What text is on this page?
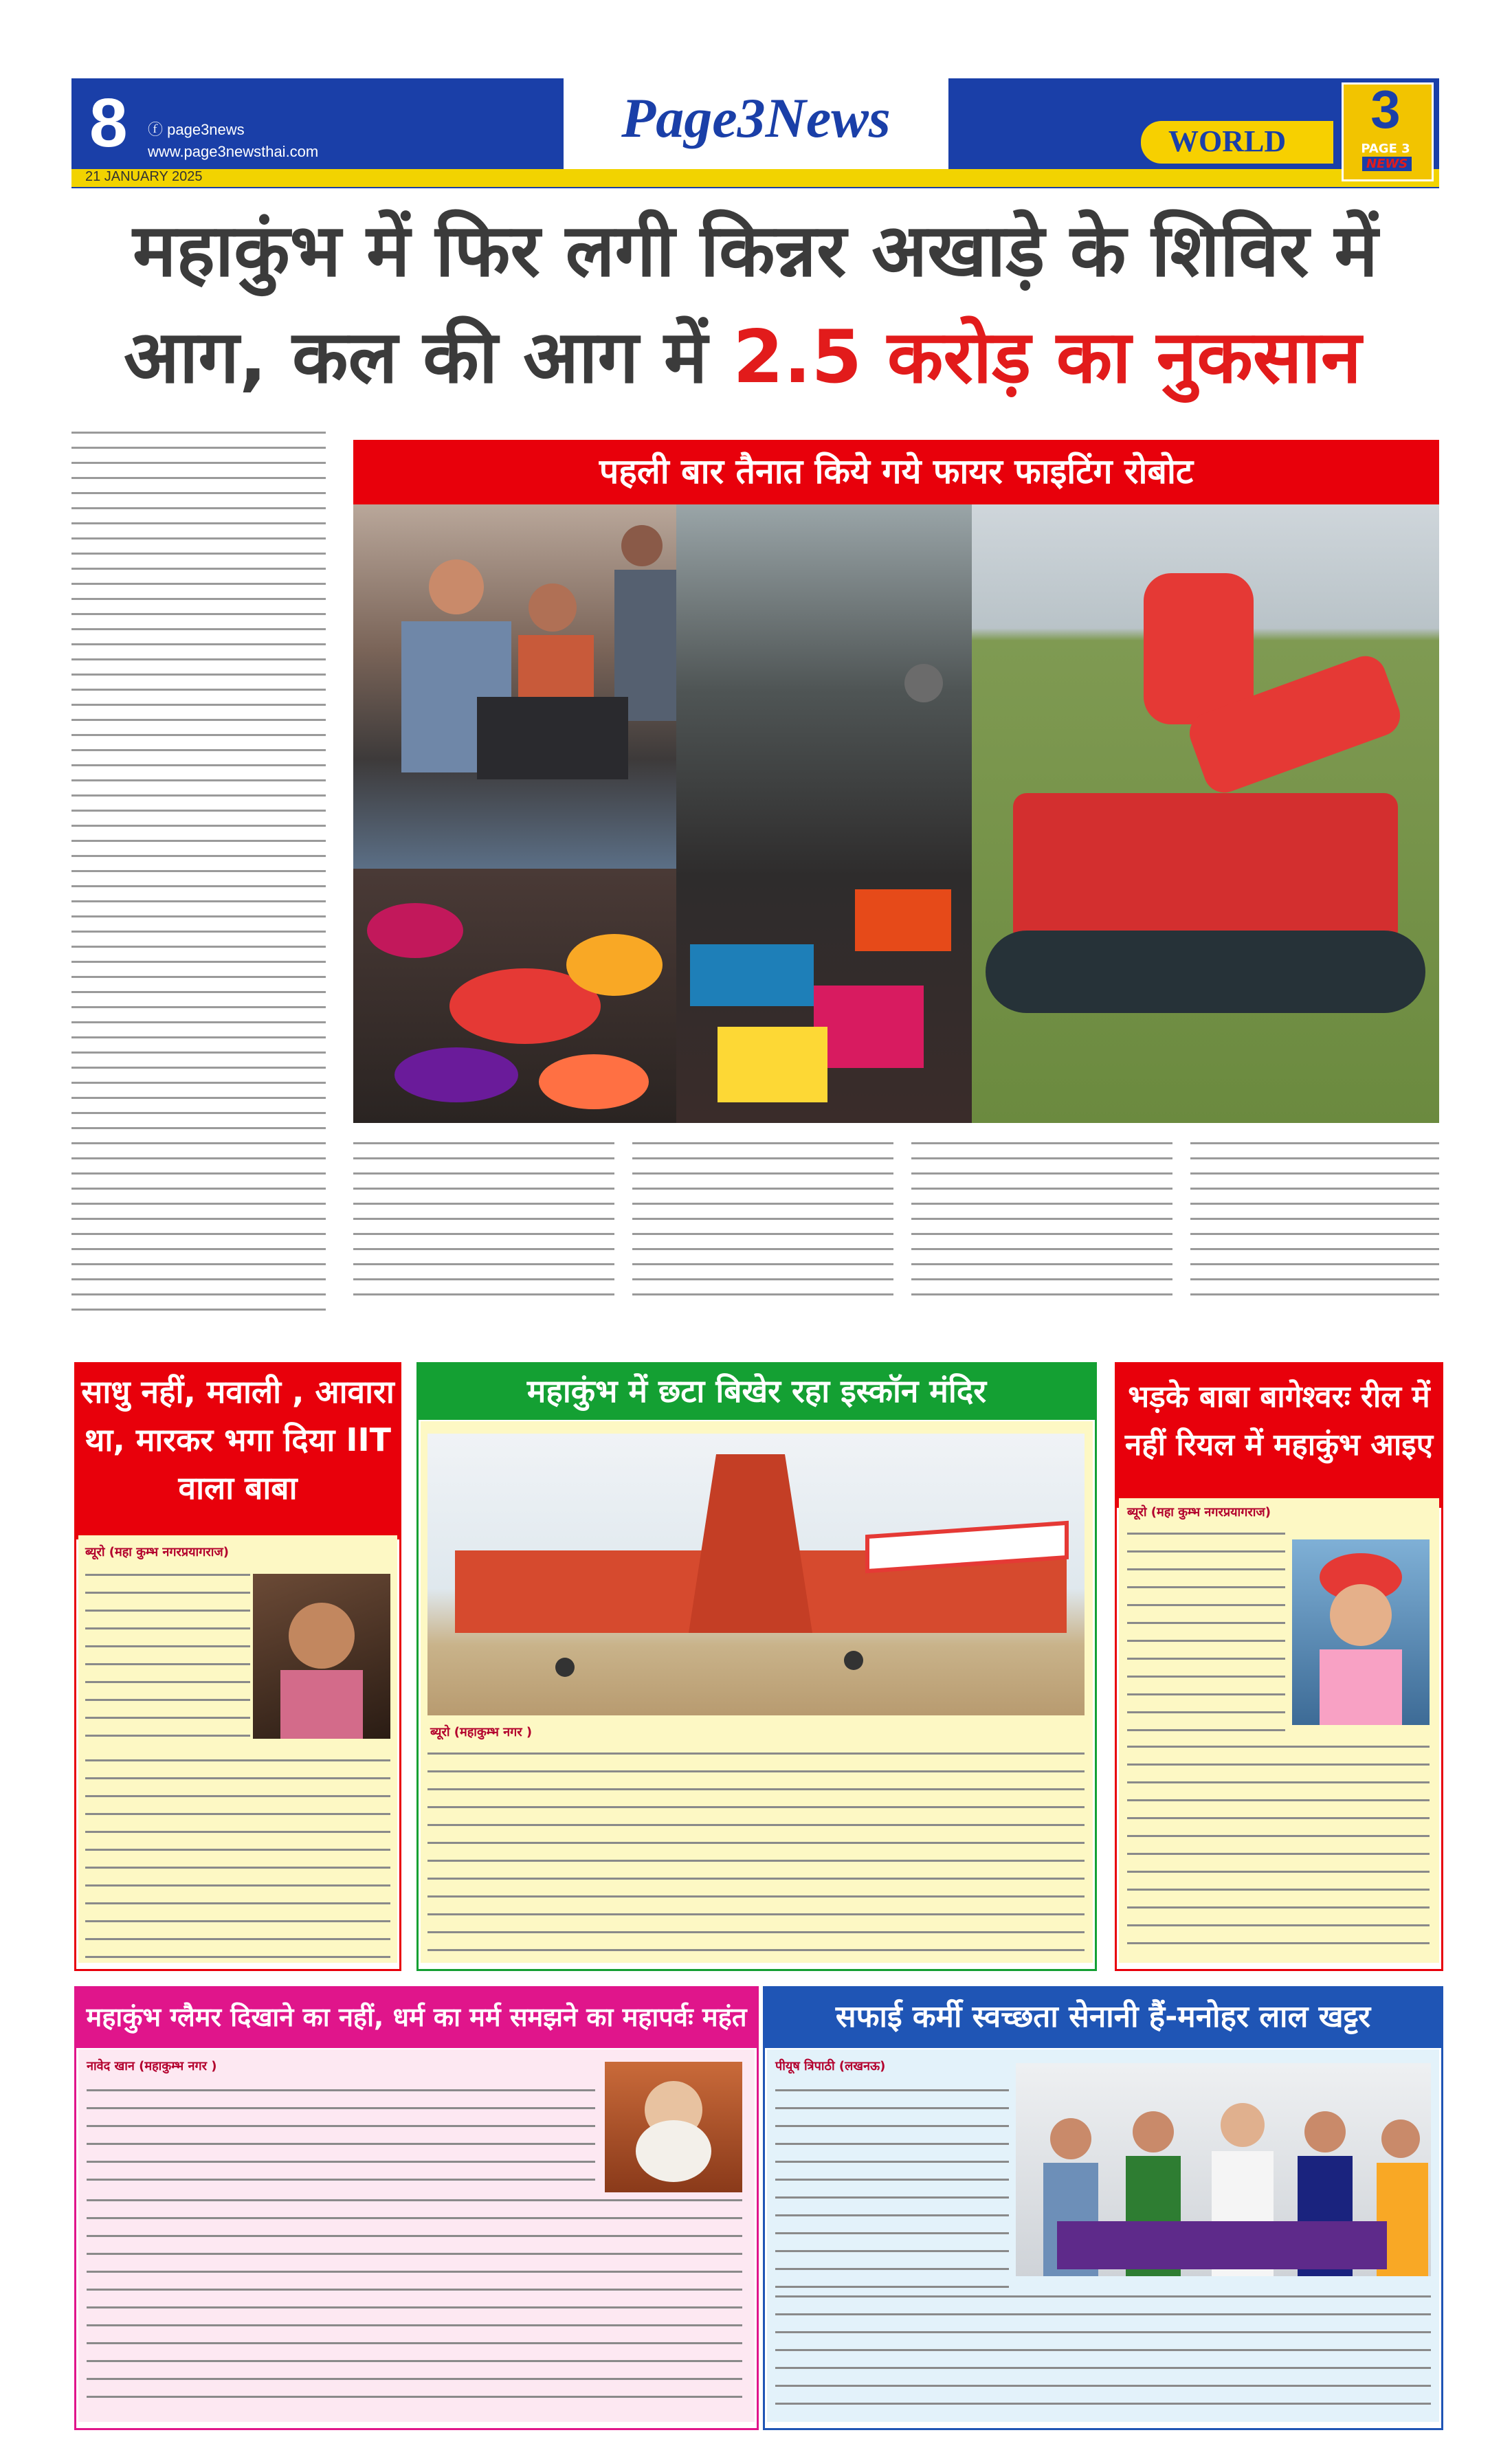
8 ⓕ page3news
www.page3newsthai.com
21 JANUARY 2025
Page3News	WORLD
3
PAGE 3
NEWS
महाकुंभ में फिर लगी किन्नर अखाड़े के शिविर में
आग, कल की आग में 2.5 करोड़ का नुकसान
पहली बार तैनात किये गये फायर फाइटिंग रोबोट
साधु नहीं, मवाली , आवारा था, मारकर भगा दिया IIT वाला बाबा
ब्यूरो (महा कुम्भ नगरप्रयागराज)
महाकुंभ में छटा बिखेर रहा इस्कॉन मंदिर
ब्यूरो (महाकुम्भ नगर )
भड़के बाबा बागेश्वरः रील में नहीं रियल में महाकुंभ आइए
ब्यूरो (महा कुम्भ नगरप्रयागराज)
महाकुंभ ग्लैमर दिखाने का नहीं, धर्म का मर्म समझने का महापर्वः महंत
नावेद खान (महाकुम्भ नगर )
सफाई कर्मी स्वच्छता सेनानी हैं-मनोहर लाल खट्टर
पीयूष त्रिपाठी (लखनऊ)
